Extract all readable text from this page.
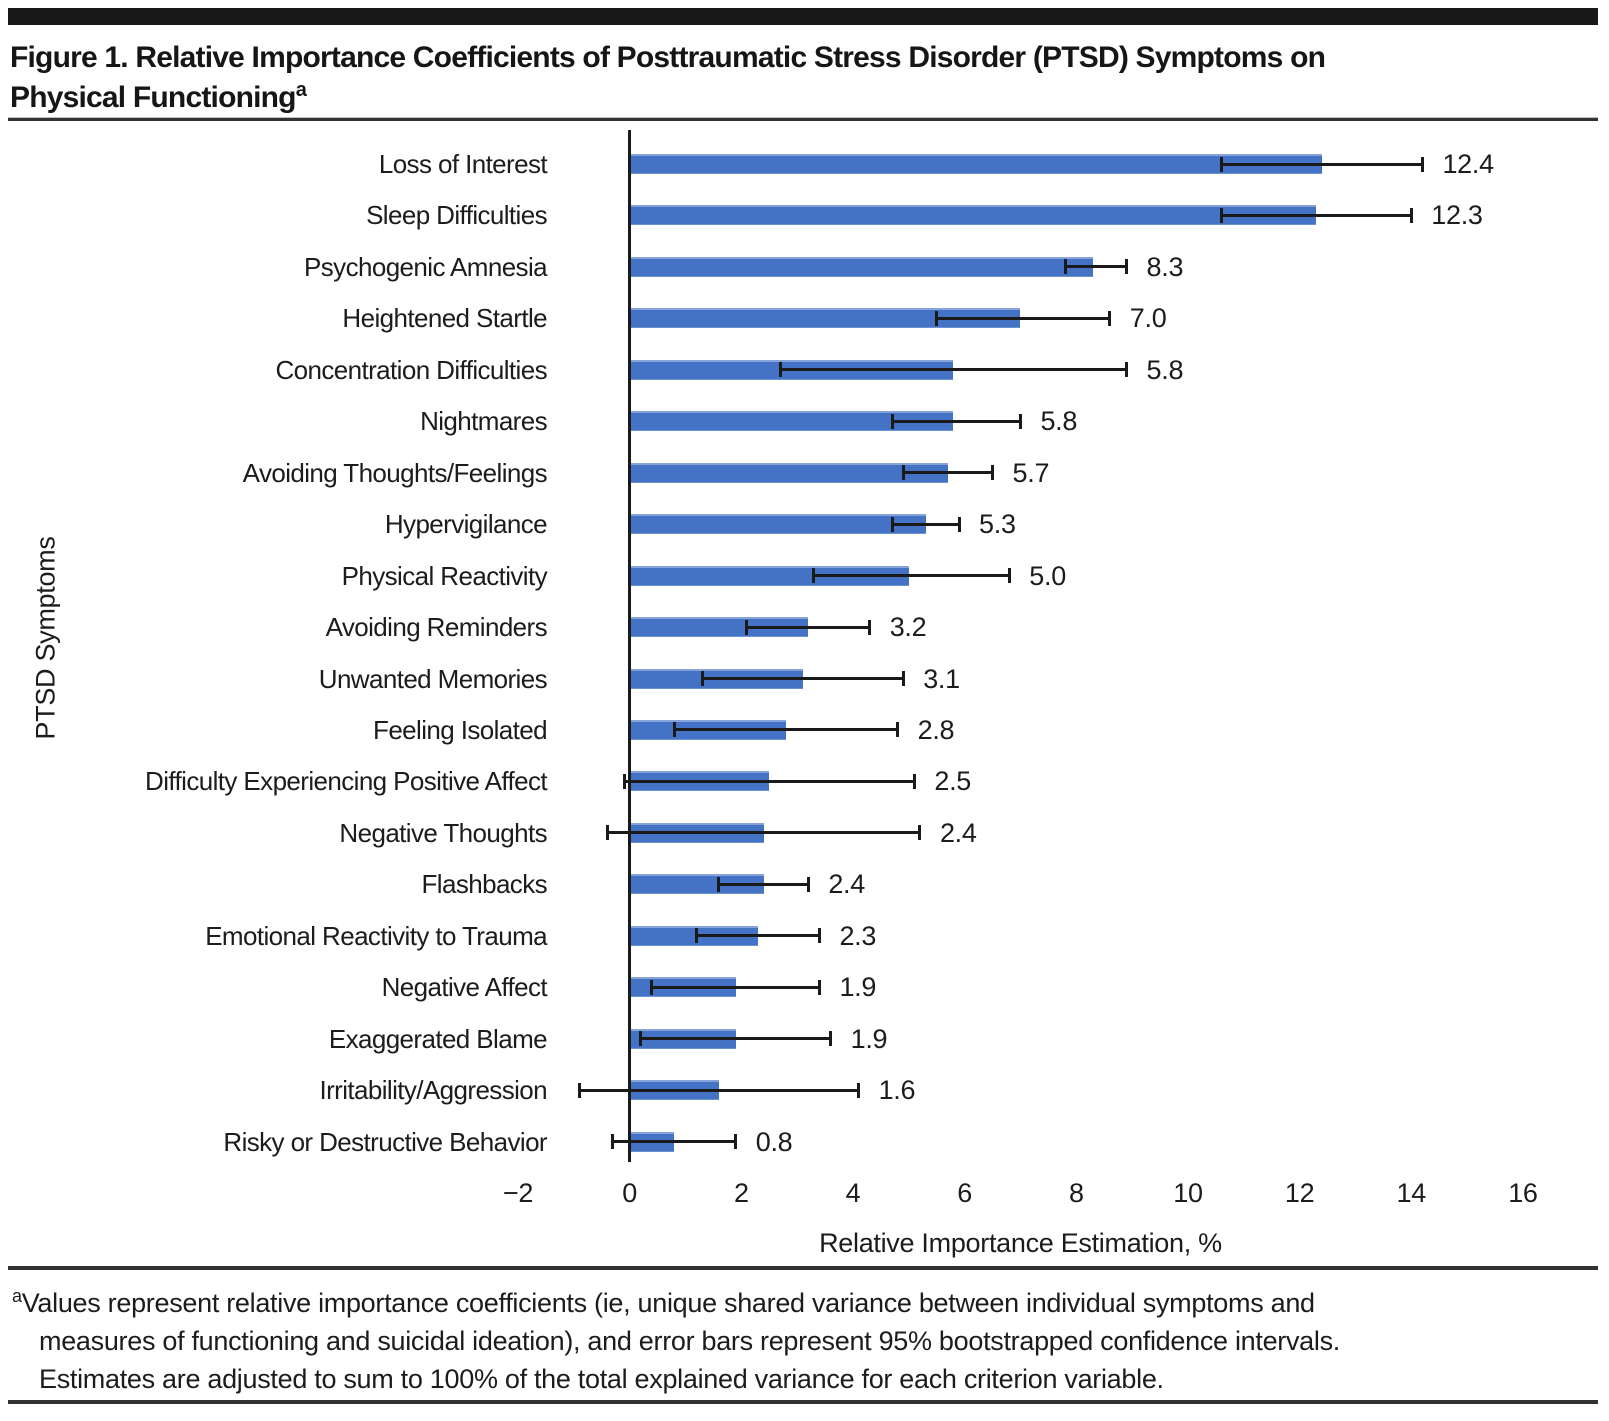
Figure 1. Relative Importance Coefficients of Posttraumatic Stress Disorder (PTSD) Symptoms on
Physical Functioning$^a$
PTSD Symptoms
Loss of Interest	12.4
Sleep Difficulties	12.3
Psychogenic Amnesia	8.3
Heightened Startle	7.0
Concentration Difficulties	5.8
Nightmares	5.8
Avoiding Thoughts/Feelings	5.7
Hypervigilance	5.3
Physical Reactivity	5.0
Avoiding Reminders	3.2
Unwanted Memories	3.1
Feeling Isolated	2.8
Difficulty Experiencing Positive Affect	2.5
Negative Thoughts	2.4
Flashbacks	2.4
Emotional Reactivity to Trauma	2.3
Negative Affect	1.9
Exaggerated Blame	1.9
Irritability/Aggression	1.6
Risky or Destructive Behavior	0.8
−2	0	2	4	6	8	10	12	14	16
Relative Importance Estimation, %
$^a$Values represent relative importance coefficients (ie, unique shared variance between individual symptoms and
measures of functioning and suicidal ideation), and error bars represent 95% bootstrapped confidence intervals.
Estimates are adjusted to sum to 100% of the total explained variance for each criterion variable.
